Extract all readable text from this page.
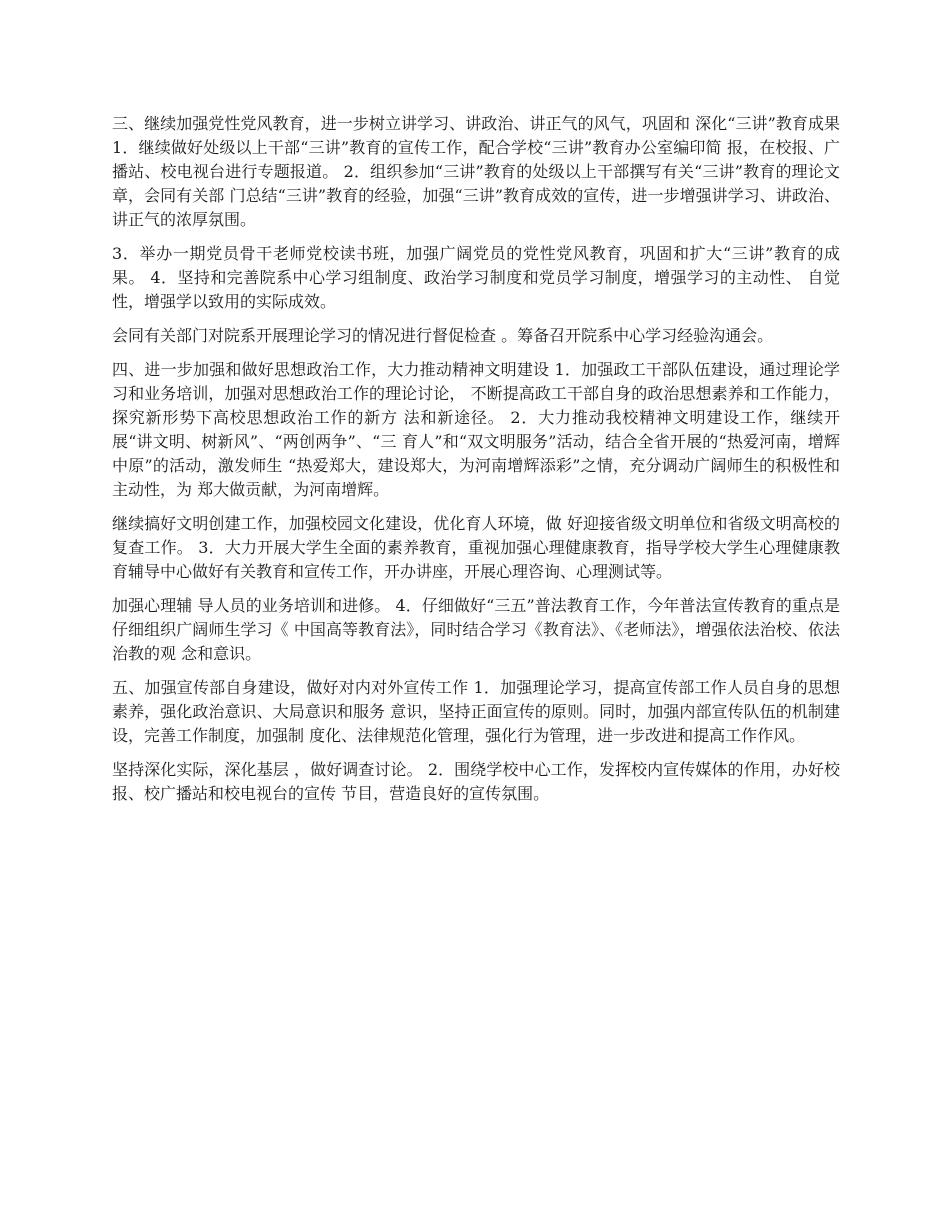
三、继续加强党性党风教育，进一步树立讲学习、讲政治、讲正气的风气，巩固和 深化“三讲”教育成果 1．继续做好处级以上干部“三讲”教育的宣传工作，配合学校“三讲”教育办公室编印简 报，在校报、广播站、校电视台进行专题报道。 2．组织参加“三讲”教育的处级以上干部撰写有关“三讲”教育的理论文章，会同有关部 门总结“三讲”教育的经验，加强“三讲”教育成效的宣传，进一步增强讲学习、讲政治、 讲正气的浓厚氛围。

3．举办一期党员骨干老师党校读书班，加强广阔党员的党性党风教育，巩固和扩大“三讲”教育的成果。 4．坚持和完善院系中心学习组制度、政治学习制度和党员学习制度，增强学习的主动性、 自觉性，增强学以致用的实际成效。

会同有关部门对院系开展理论学习的情况进行督促检查 。筹备召开院系中心学习经验沟通会。

四、进一步加强和做好思想政治工作，大力推动精神文明建设 1．加强政工干部队伍建设，通过理论学习和业务培训，加强对思想政治工作的理论讨论， 不断提高政工干部自身的政治思想素养和工作能力，探究新形势下高校思想政治工作的新方 法和新途径。 2．大力推动我校精神文明建设工作，继续开展“讲文明、树新风”、“两创两争”、“三 育人”和“双文明服务”活动，结合全省开展的“热爱河南，增辉中原”的活动，激发师生 “热爱郑大，建设郑大，为河南增辉添彩”之情，充分调动广阔师生的积极性和主动性，为 郑大做贡献，为河南增辉。

继续搞好文明创建工作，加强校园文化建设，优化育人环境，做 好迎接省级文明单位和省级文明高校的复查工作。 3．大力开展大学生全面的素养教育，重视加强心理健康教育，指导学校大学生心理健康教 育辅导中心做好有关教育和宣传工作，开办讲座，开展心理咨询、心理测试等。

加强心理辅 导人员的业务培训和进修。 4．仔细做好“三五”普法教育工作，今年普法宣传教育的重点是仔细组织广阔师生学习《 中国高等教育法》，同时结合学习《教育法》、《老师法》，增强依法治校、依法治教的观 念和意识。

五、加强宣传部自身建设，做好对内对外宣传工作 1．加强理论学习，提高宣传部工作人员自身的思想素养，强化政治意识、大局意识和服务 意识，坚持正面宣传的原则。同时，加强内部宣传队伍的机制建设，完善工作制度，加强制 度化、法律规范化管理，强化行为管理，进一步改进和提高工作作风。

坚持深化实际，深化基层 ，做好调查讨论。 2．围绕学校中心工作，发挥校内宣传媒体的作用，办好校报、校广播站和校电视台的宣传 节目，营造良好的宣传氛围。
